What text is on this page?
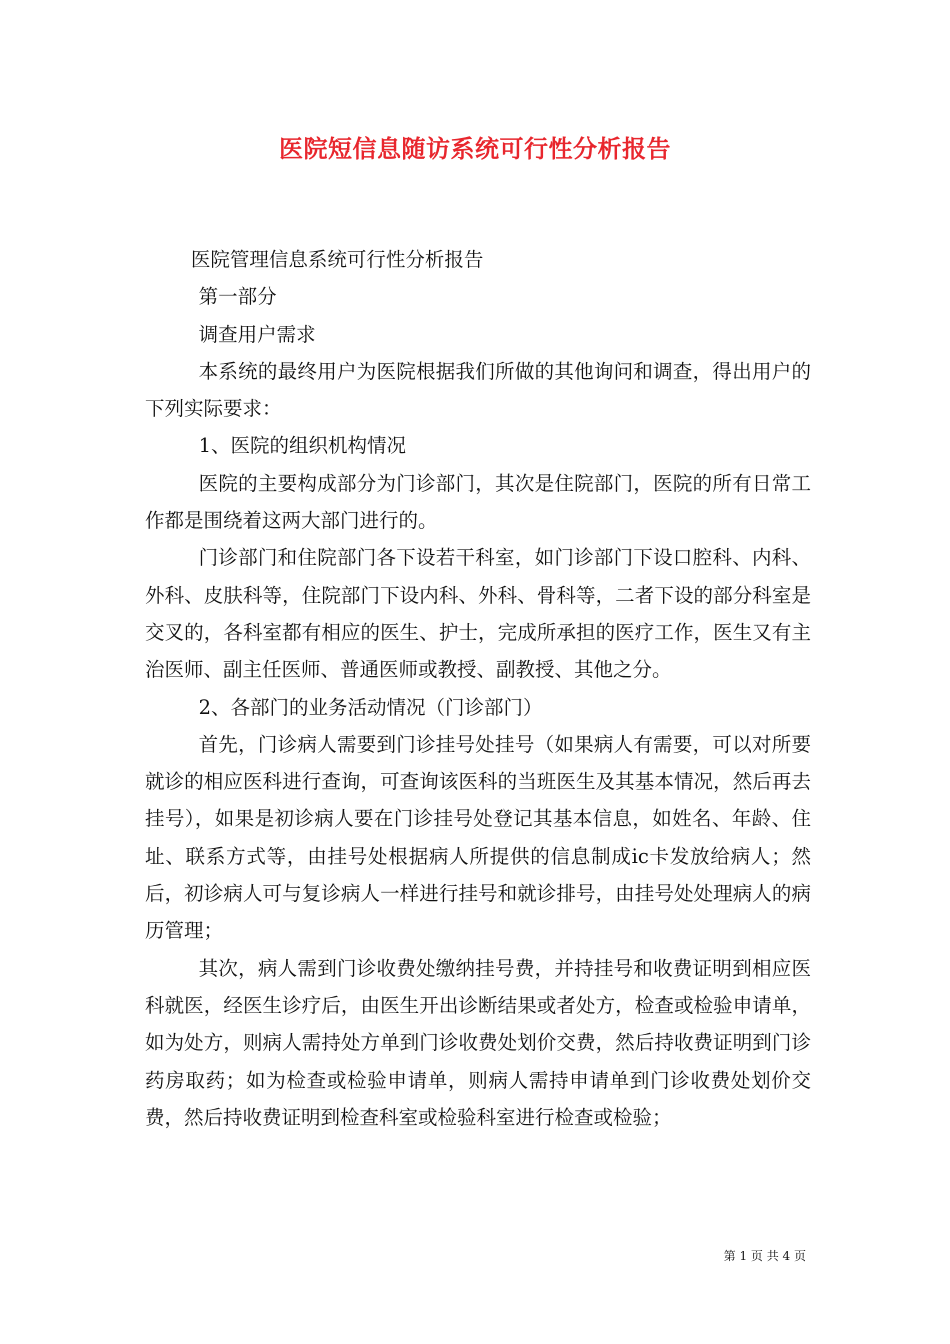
医院短信息随访系统可行性分析报告

医院管理信息系统可行性分析报告

第一部分

调查用户需求

本系统的最终用户为医院根据我们所做的其他询问和调查，得出用户的下列实际要求：

1、医院的组织机构情况

医院的主要构成部分为门诊部门，其次是住院部门，医院的所有日常工作都是围绕着这两大部门进行的。

门诊部门和住院部门各下设若干科室，如门诊部门下设口腔科、内科、外科、皮肤科等，住院部门下设内科、外科、骨科等，二者下设的部分科室是交叉的，各科室都有相应的医生、护士，完成所承担的医疗工作，医生又有主治医师、副主任医师、普通医师或教授、副教授、其他之分。

2、各部门的业务活动情况（门诊部门）

首先，门诊病人需要到门诊挂号处挂号（如果病人有需要，可以对所要就诊的相应医科进行查询，可查询该医科的当班医生及其基本情况，然后再去挂号），如果是初诊病人要在门诊挂号处登记其基本信息，如姓名、年龄、住址、联系方式等，由挂号处根据病人所提供的信息制成ic卡发放给病人；然后，初诊病人可与复诊病人一样进行挂号和就诊排号，由挂号处处理病人的病历管理；

其次，病人需到门诊收费处缴纳挂号费，并持挂号和收费证明到相应医科就医，经医生诊疗后，由医生开出诊断结果或者处方，检查或检验申请单，如为处方，则病人需持处方单到门诊收费处划价交费，然后持收费证明到门诊药房取药；如为检查或检验申请单，则病人需持申请单到门诊收费处划价交费，然后持收费证明到检查科室或检验科室进行检查或检验；

第 1 页 共 4 页
